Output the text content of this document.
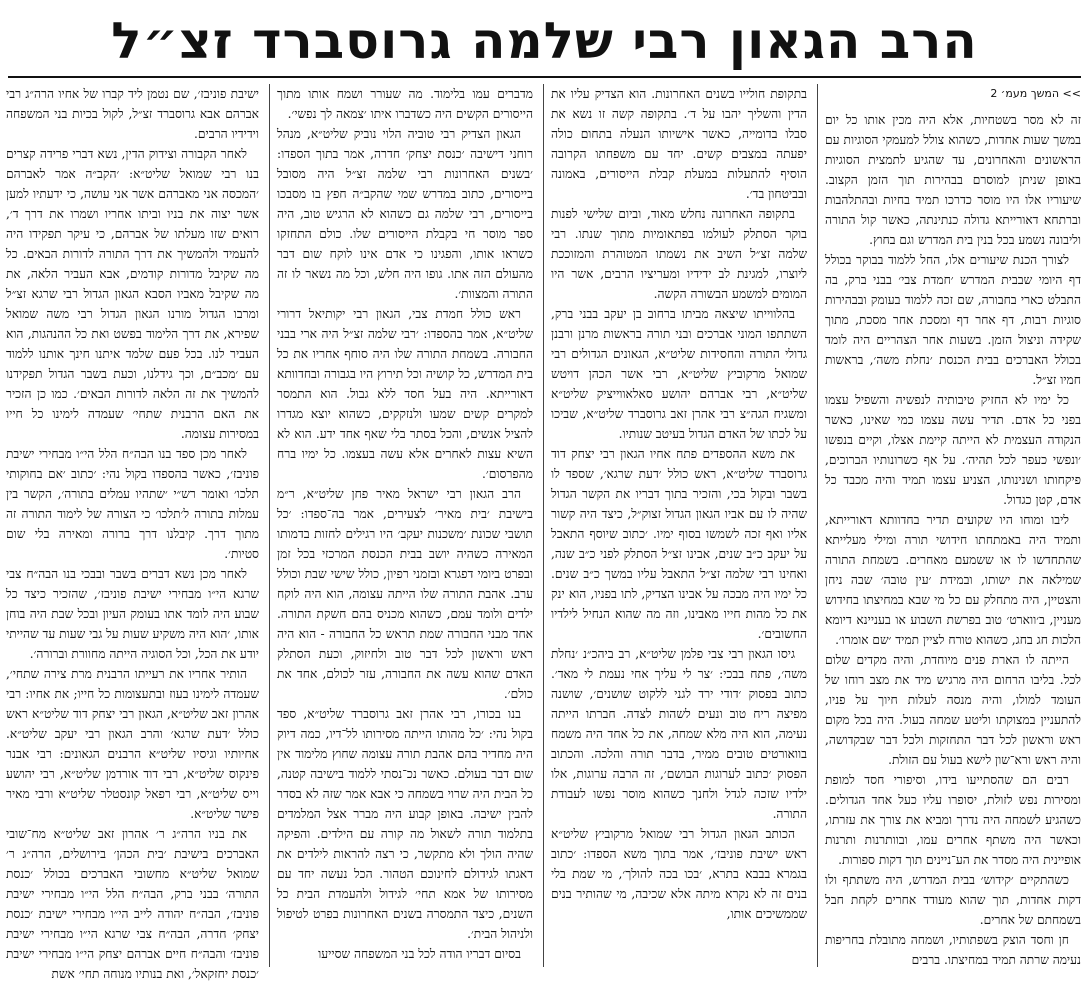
הרב הגאון רבי שלמה גרוסברד זצ״ל
>> המשך מעמ׳ 2

זה לא מסר בשטחיות, אלא היה מכין אותו כל יום במשך שעות אחדות, כשהוא צולל למעמקי הסוגיות עם הראשונים והאחרונים, עד שהגיע לתמצית הסוגיות באופן שניתן למוסרם בבהירות תוך הזמן הקצוב. שיעוריו אלו היו מוסר כדרכו תמיד בחיות ובהתלהבות וברתחא דאורייתא גדולה כנתינתה, כאשר קול התורה וליבונה נשמע בכל בנין בית המדרש וגם בחוץ.

לצורך הכנת שיעורים אלו, החל ללמוד בבוקר בכולל דף היומי שבבית המדרש ׳חמדת צבי׳ בבני ברק, בה התבלט כארי בחבורה, שם זכה ללמוד בעומק ובבהירות סוגיות רבות, דף אחר דף ומסכת אחר מסכת, מתוך שקידה וניצול הזמן. בשעות אחר הצהריים היה לומד בכולל האברכים בבית הכנסת ׳נחלת משה׳, בראשות חמיו זצ״ל.

כל ימיו לא החזיק טיבותיה לנפשיה והשפיל עצמו בפני כל אדם. תדיר עשה עצמו כמי שאינו, כאשר הנקודה העצמית לא הייתה קיימת אצלו, וקיים בנפשו ׳ונפשי כעפר לכל תהיה׳. על אף כשרונותיו הברוכים, פיקחותו ושנינותו, הצניע עצמו תמיד והיה מכבד כל אדם, קטן כגדול.

ליבו ומוחו היו שקועים תדיר בחדוותא דאורייתא, ותמיד היה באמתחתו חידושי תורה ומילי מעלייתא שהתחדשו לו או ששמעם מאחרים. בשמחת התורה שמילאה את ישותו, ובמידת ׳עין טובה׳ שבה ניחן והצטיין, היה מתחלק עם כל מי שבא במחיצתו בחידוש מעניין, ב׳ווארט׳ טוב בפרשת השבוע או בעניינא דיומא הלכות חג בחג, כשהוא טורח לציין תמיד ׳שם אומרו׳.

הייתה לו הארת פנים מיוחדת, והיה מקדים שלום לכל. בליבו הרחום היה מרגיש מיד את מצב רוחו של העומד למולו, והיה מנסה לעלות חיוך על פניו, להתעניין במצוקתו וליטע שמחה בעול. היה בכל מקום ראש וראשון לכל דבר התחזקות ולכל דבר שבקדושה, והיה ראש ורא־שון לישא בעול עם הזולת.

רבים הם שהסתייעו בידו, וסיפורי חסד למופת ומסירות נפש לזולת, יסופרו עליו כעל אחד הגדולים. כשהגיע לשמחה היה נדרך ומביא את צורך את עזרתו, וכאשר היה משתף אחרים עמו, ובוותרנות ותרנות אופיינית היה מסדר את הע־ניינים תוך דקות ספורות.

כשהתקיים ׳קידוש׳ בבית המדרש, היה משתתף ולו דקות אחדות, תוך שהוא מעודד אחרים לקחת חבל בשמחתם של אחרים.

חן וחסד הוצק בשפתותיו, ושמחה מתובלת בחריפות נעימה שרתה תמיד במחיצתו. ברבים

בתקופת חולייו בשנים האחרונות. הוא הצדיק עליו את הדין והשליך יהבו על ד׳. בתקופה קשה זו נשא את סבלו בדומייה, כאשר אישיותו הנעלה בתחום כולה יפעתה במצבים קשים. יחד עם משפחתו הקרובה הוסיף להתעלות במעלת קבלת הייסורים, באמונה ובביטחון בד׳.

בתקופה האחרונה נחלש מאוד, וביום שלישי לפנות בוקר הסתלק לעולמו בפתאומיות מתוך שנתו. רבי שלמה זצ״ל השיב את נשמתו המטוהרת והמזוככת ליוצרו, למגינת לב ידידיו ומעריציו הרבים, אשר היו המומים למשמע הבשורה הקשה.

בהלווייתו שיצאה מביתו ברחוב בן יעקב בבני ברק, השתתפו המוני אברכים ובני תורה בראשות מרנן ורבנן גדולי התורה והחסידות שליט״א, הגאונים הגדולים רבי שמואל מרקוביץ שליט״א, רבי אשר הכהן דויטש שליט״א, רבי אברהם יהושע סאלאווייציק שליט״א ומשגיח הגה״צ רבי אהרן זאב גרוסברד שליט״א, שביכו על לכתו של האדם הגדול בעיטב שנותיו.

את משא ההספדים פתח אחיו הגאון רבי יצחק דוד גרוסברד שליט״א, ראש כולל ׳דעת שרגא׳, שספד לו בשבר ובקול בכי, והזכיר בתוך דבריו את הקשר הגדול שהיה לו עם אביו הגאון הגדול זצוק״ל, כיצד היה קשור אליו ואף זכה לשמשו בסוף ימיו. ׳כתוב שיוסף התאבל על יעקב כ״ב שנים, אבינו זצ״ל הסתלק לפני כ״ב שנה, ואחינו רבי שלמה זצ״ל התאבל עליו במשך כ״ב שנים. כל ימיו היה מבכה על אבינו הצדיק, לתו בפניו, הוא ינק את כל מהות חייו מאבינו, וזה מה שהוא הנחיל לילדיו החשובים׳.

גיסו הגאון רבי צבי פלמן שליט״א, רב ביהכ״נ ׳נחלת משה׳, פתח בבכי: ׳צר לי עליך אחי נעמת לי מאד׳. כתוב בפסוק ׳דודי ירד לגני ללקוט שושנים׳, שושנה מפיצה ריח טוב ונעים לשהות לצדה. חברתו הייתה נעימה, הוא היה מלא שמחה, את כל אחד היה משמח בוואורטים טובים ממיר, בדבר תורה והלכה. והכתוב הפסוק ׳כתוב לערוגות הבושם׳, זה הרבה ערוגות, אלו ילדיו שזכה לגדל ולחנך כשהוא מוסר נפשו לעבודת התורה.

הכותב הגאון הגדול רבי שמואל מרקוביץ שליט״א ראש ישיבת פוניבז׳, אמר בתוך משא הספדו: ׳כתוב בגמרא בבבא בתרא, ׳בכו בכה להולך׳, מי שמת בלי בנים זה לא נקרא מיתה אלא שכיבה, מי שהותיר בנים שממשיכים אותו,

מדברים עמו בלימוד. מה שעורר ושמח אותו מתוך הייסורים הקשים היה כשדברו איתו ׳צמאה לך נפשי׳.

הגאון הצדיק רבי טוביה הלוי נוביק שליט״א, מנהל רוחני דישיבה ׳כנסת יצחק׳ חדרה, אמר בתוך הספדו: ׳בשנים האחרונות רבי שלמה זצ״ל היה מסובל בייסורים, כתוב במדרש שמי שהקב״ה חפץ בו מסבכו בייסורים, רבי שלמה גם כשהוא לא הרגיש טוב, היה ספר מוסר חי בקבלת הייסורים שלו. כולם התחזקו כשראו אותו, והפגינו כי אדם אינו לוקח שום דבר מהעולם הזה אתו. גופו היה חלש, וכל מה נשאר לו זה התורה והמצוות׳.

ראש כולל חמדת צבי, הגאון רבי יקותיאל דרורי שליט״א, אמר בהספדו: ׳רבי שלמה זצ״ל היה ארי בבני החבורה. בשמחת התורה שלו היה סוחף אחריו את כל בית המדרש, כל קושיה וכל תירוץ היו בגבורה ובחדוותא דאורייתא. היה בעל חסד ללא גבול. הוא התמסר למקרים קשים שמעו ולנזקקים, כשהוא יוצא מגדרו להציל אנשים, והכל בסתר בלי שאף אחד ידע. הוא לא השיא עצות לאחרים אלא עשה בעצמו. כל ימיו ברח מהפרסום׳.

הרב הגאון רבי ישראל מאיר פחן שליט״א, ר״מ בישיבת ׳בית מאיר׳ לצעירים, אמר בה־ספדו: ׳כל תושבי שכונת ׳משכנות יעקב׳ היו רגילים לחזות בדמותו המאירה כשהיה יושב בבית הכנסת המרכזי בכל זמן ובפרט ביומי דפגרא ובזמני רפיון, כולל שישי שבת וכולל ערב. אהבת התורה שלו הייתה עצומה, הוא היה לוקח ילדים ולומד עמם, כשהוא מכניס בהם חשקת התורה. אחד מבני החבורה שמת תראש כל החבורה - הוא היה ראש וראשון לכל דבר טוב ולחיזוק, וכעת הסתלק האדם שהוא עשה את החבורה, עזר לכולם, אחד את כולם׳.

בנו בכורו, רבי אהרן זאב גרוסברד שליט״א, ספד בקול נהי: ׳כל מהותו הייתה מסירותו לל־דיו, כמה דיוק היה מחדיר בהם אהבת תורה עצומה שחוץ מלימוד אין שום דבר בעולם. כאשר נכ־נסתי ללמוד בישיבה קטנה, כל הבית היה שרוי בשמחה כי אבא אמר שזה לא בסדר להבין ישיבה. באופן קבוע היה מברר אצל המלמדים בתלמוד תורה לשאול מה קורה עם הילדים. והפיקה שהיה הולך ולא מתקשר, כי רצה להראות לילדים את דאגתו לגידולם לחינוכם הטהור. הכל נעשה יחד עם מסירותו של אמא תחי׳ לגידול ולהעמדת הבית כל השנים, כיצד התמסרה בשנים האחרונות בפרט לטיפול ולניהול הבית׳.

בסיום דבריו הודה לכל בני המשפחה שסייעו

ישיבת פוניבז׳, שם נטמן ליד קברו של אחיו הרה״ג רבי אברהם אבא גרוסברד זצ״ל, לקול בכיות בני המשפחה וידידיו הרבים.

לאחר הקבורה וצידוק הדין, נשא דברי פרידה קצרים בנו רבי שמואל שליט״א: ׳הקב״ה אמר לאברהם ׳המכסה אני מאברהם אשר אני עושה, כי ידעתיו למען אשר יצוה את בניו וביתו אחריו ושמרו את דרך ד׳, רואים שזו מעלתו של אברהם, כי עיקר תפקידו היה להעמיד ולהמשיך את דרך התורה לדורות הבאים. כל מה שקיבל מדורות קודמים, אבא העביר הלאה, את מה שקיבל מאביו הסבא הגאון הגדול רבי שרגא זצ״ל ומרבו הגדול מורנו הגאון הגדול רבי משה שמואל שפירא, את דרך הלימוד בפשט ואת כל ההנהגות, הוא העביר לנו. בכל פעם שלמד איתנו חינך אותנו ללמוד עם ׳מכב״ם, וכך גידלנו, וכעת בשבר הגדול תפקידנו להמשיך את זה הלאה לדורות הבאים׳. כמו כן הזכיר את האם הרבנית שתחי׳ שעמדה לימינו כל חייו במסירות עצומה.

לאחר מכן ספד בנו הבה״ח הלל הי״ו מבחירי ישיבת פוניבז׳, כאשר בהספדו בקול נהי: ׳כתוב ׳אם בחוקותי תלכו׳ ואומר רש״י ׳שתהיו עמלים בתורה׳, הקשר בין עמלות בתורה ל׳תלכו׳ כי הצורה של לימוד התורה זה מתוך דרך. קיבלנו דרך ברורה ומאירה בלי שום סטיות׳.

לאחר מכן נשא דברים בשבר ובבכי בנו הבה״ח צבי שרגא הי״ו מבחירי ישיבת פוניבז׳, שהזכיר כיצד כל שבוע היה לומד אתו בעומק העיון ובכל שבת היה בוחן אותו, ׳הוא היה משקיע שעות על גבי שעות עד שהייתי יודע את הכל, וכל הסוגיה הייתה מחוורת וברורה׳.

הותיר אחריו את רעייתו הרבנית מרת צירה שתחי׳, שעמדה לימינו בעוז ובתעצומות כל חייו; את אחיו: רבי אהרון זאב שליט״א, הגאון רבי יצחק דוד שליט״א ראש כולל ׳דעת שרגא׳ והרב הגאון רבי יעקב שליט״א. אחיותיו וגיסיו שליט״א הרבנים הגאונים: רבי אבנר פינקוס שליט״א, רבי דוד אורדמן שליט״א, רבי יהושע וייס שליט״א, רבי רפאל קונסטלר שליט״א ורבי מאיר פישר שליט״א.

את בניו הרה״ג ר׳ אהרון זאב שליט״א מח־שובי האברכים בישיבת ׳בית הכהן׳ בירושלים, הרה״ג ר׳ שמואל שליט״א מחשובי האברכים בכולל ׳כנסת התורה׳ בבני ברק, הבה״ח הלל הי״ו מבחירי ישיבת פוניבז׳, הבה״ח יהודה לייב הי״ו מבחירי ישיבת ׳כנסת יצחק׳ חדרה, הבה״ח צבי שרגא הי״ו מבחירי ישיבת פוניבז׳ והבה״ח חיים אברהם יצחק הי״ו מבחירי ישיבת ׳כנסת יחזקאל׳, ואת בנותיו מנוחה תחי׳ אשת
